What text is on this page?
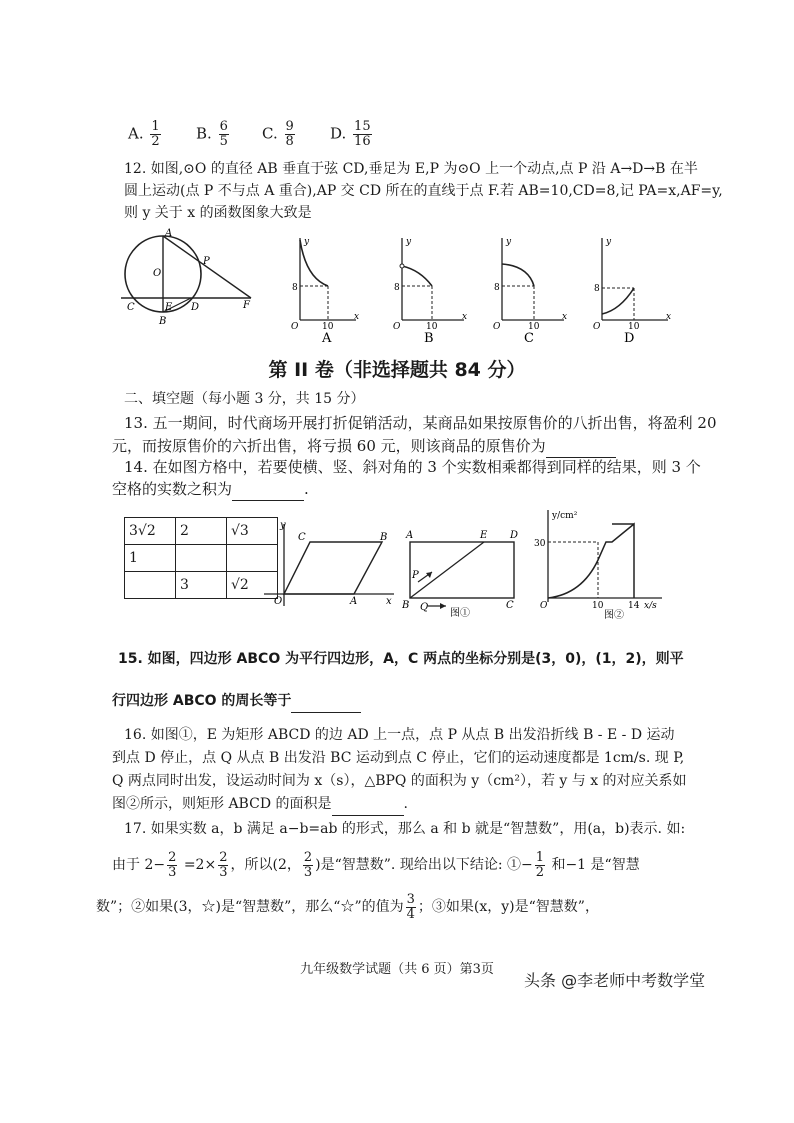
A. $\frac{1}{2} B$. $\frac{6}{5} C$. $\frac{9}{8} D$. $\frac{15}{16}$
12. 如图,⊙O 的直径 AB 垂直于弦 CD,垂足为 E,P 为⊙O 上一个动点,点 P 沿 A→D→B 在半
圆上运动(点 P 不与点 A 重合),AP 交 CD 所在的直线于点 F.若 AB=10,CD=8,记 PA=x,AF=y,
则 y 关于 x 的函数图象大致是
A
O
P
C	E D	F
B
y
x
O
8
10
A
y
x
O
8
10
B
y
x
O
8
10
C
y
x
O
8
10
D
第 II 卷（非选择题共 84 分）
二、填空题（每小题 3 分，共 15 分）
13. 五一期间，时代商场开展打折促销活动，某商品如果按原售价的八折出售，将盈利 20
元，而按原售价的六折出售，将亏损 60 元，则该商品的原售价为
14. 在如图方格中，若要使横、竖、斜对角的 3 个实数相乘都得到同样的结果，则 3 个
空格的实数之积为	.
3√2	2	√3
1		
	3	√2
y
C	B
O	A	x
A	E D
P
B Q	C
图①
y/cm²
30
O	10	14 x/s
图②
15. 如图，四边形 ABCO 为平行四边形，A，C 两点的坐标分别是(3，0)，(1，2)，则平
行四边形 ABCO 的周长等于
16. 如图①，E 为矩形 ABCD 的边 AD 上一点，点 P 从点 B 出发沿折线 B - E - D 运动
到点 D 停止，点 Q 从点 B 出发沿 BC 运动到点 C 停止，它们的运动速度都是 1cm/s. 现 P,
Q 两点同时出发，设运动时间为 x（s），△BPQ 的面积为 y（cm²），若 y 与 x 的对应关系如
图②所示，则矩形 ABCD 的面积是	.
17. 如果实数 a，b 满足 a−b=ab 的形式，那么 a 和 b 就是“智慧数”，用(a，b)表示. 如:
由于 $2- \frac{2}{3} =2\times \frac{2}{3}$ ，所以(2， $\frac{2}{3}$ )是“智慧数”. 现给出以下结论: ①− $\frac{1}{2}$ 和−1 是“智慧
数”；②如果(3，☆)是“智慧数”，那么“☆”的值为 $\frac{3}{4}$ ；③如果(x，y)是“智慧数”，
九年级数学试题（共 6 页）第3页
头条 @李老师中考数学堂
